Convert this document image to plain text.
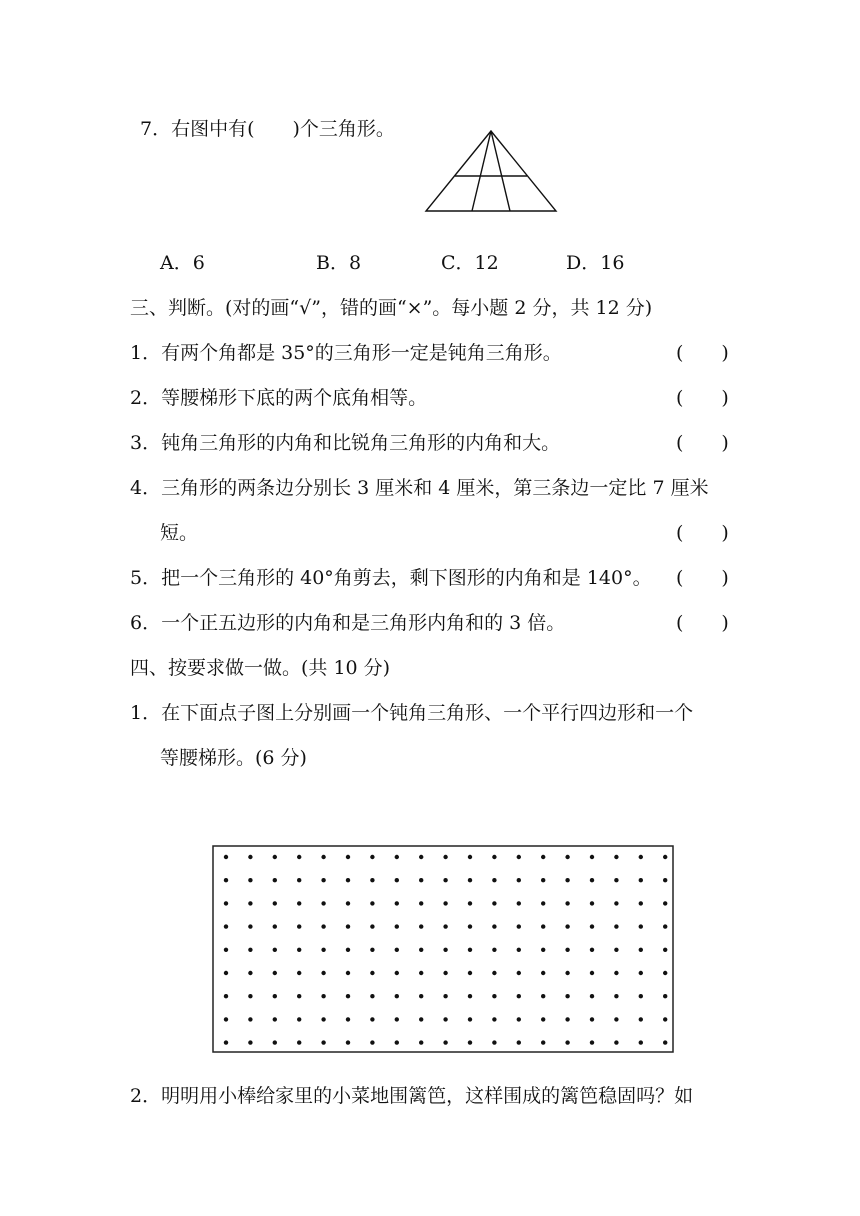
7．右图中有(　　)个三角形。
A．6	B．8	C．12	D．16
三、判断。(对的画“√”，错的画“×”。每小题 2 分，共 12 分)
1．有两个角都是 35°的三角形一定是钝角三角形。	(　　)
2．等腰梯形下底的两个底角相等。	(　　)
3．钝角三角形的内角和比锐角三角形的内角和大。	(　　)
4．三角形的两条边分别长 3 厘米和 4 厘米，第三条边一定比 7 厘米
短。	(　　)
5．把一个三角形的 40°角剪去，剩下图形的内角和是 140°。 (　　)
6．一个正五边形的内角和是三角形内角和的 3 倍。	(　　)
四、按要求做一做。(共 10 分)
1．在下面点子图上分别画一个钝角三角形、一个平行四边形和一个
等腰梯形。(6 分)
2．明明用小棒给家里的小菜地围篱笆，这样围成的篱笆稳固吗？如
